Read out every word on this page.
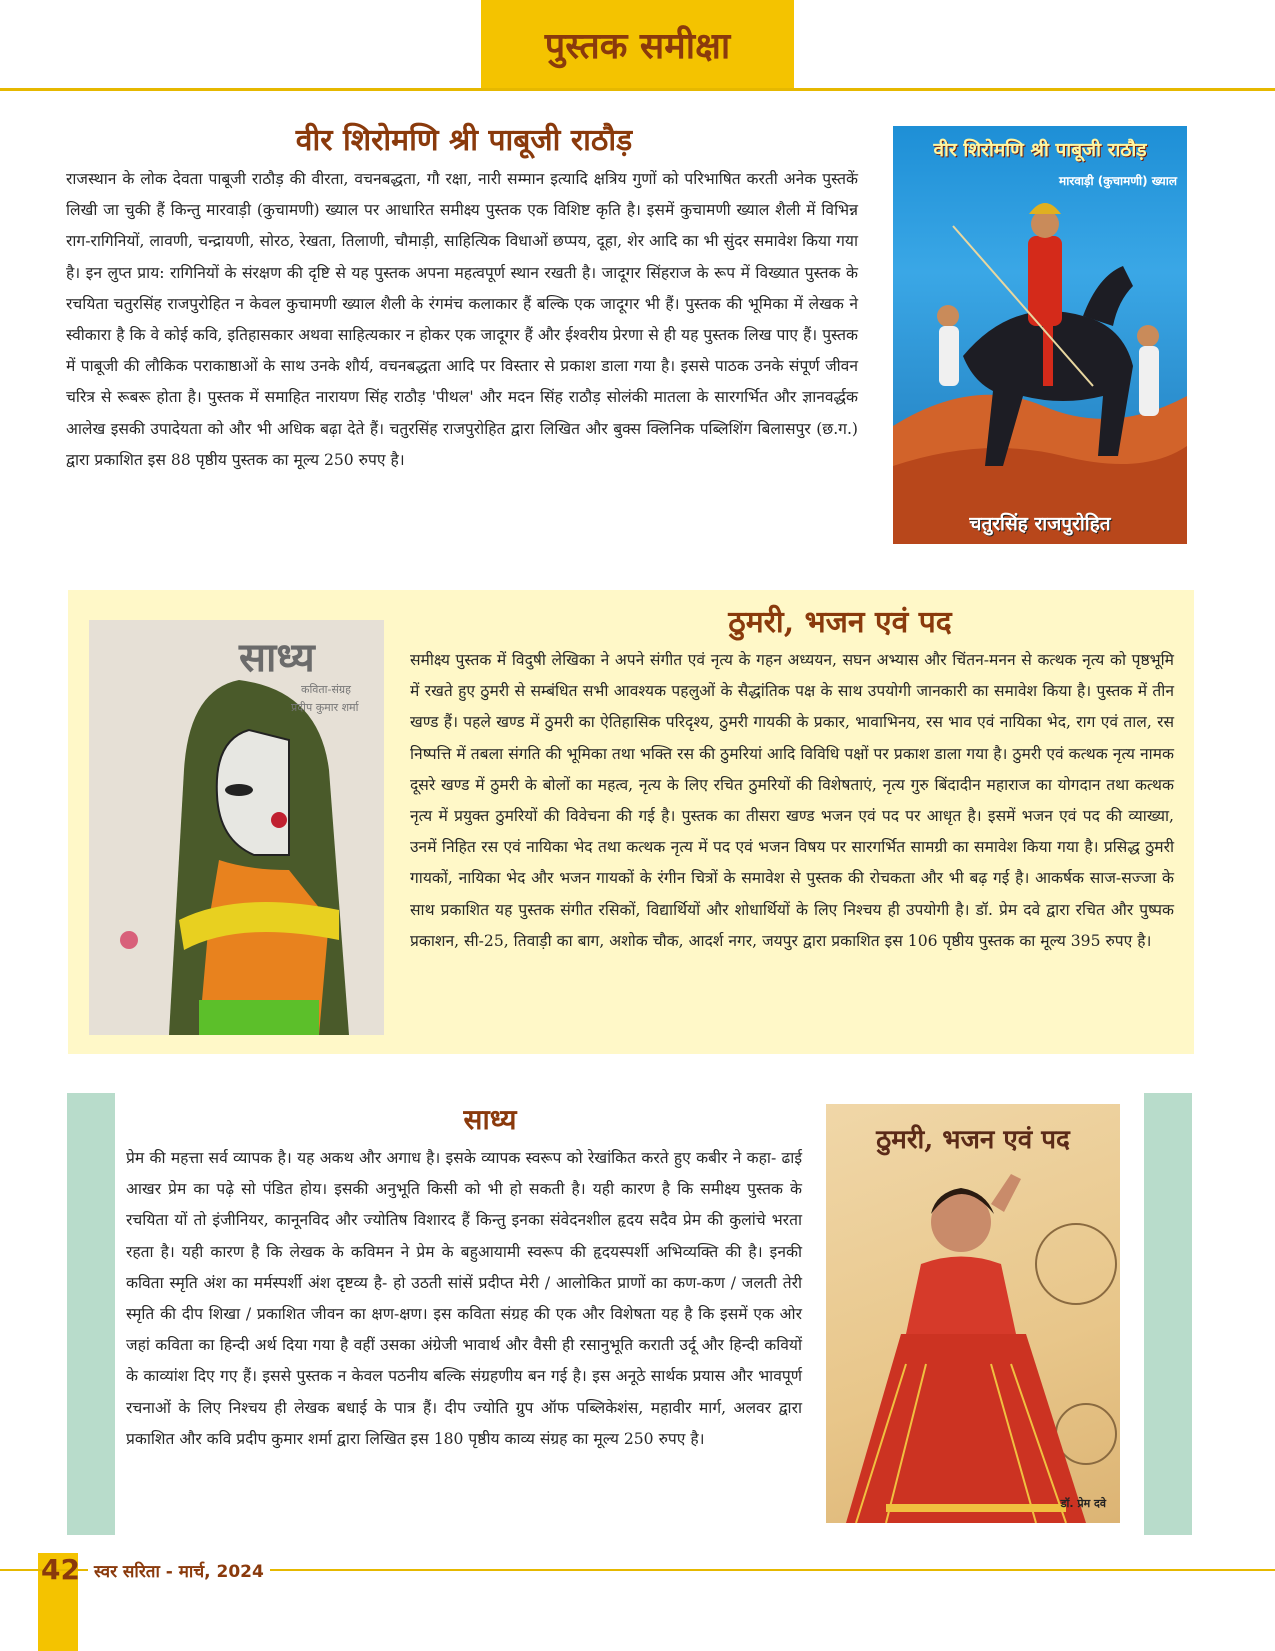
पुस्तक समीक्षा
वीर शिरोमणि श्री पाबूजी राठौड़

राजस्थान के लोक देवता पाबूजी राठौड़ की वीरता, वचनबद्धता, गौ रक्षा, नारी सम्मान इत्यादि क्षत्रिय गुणों को परिभाषित करती अनेक पुस्तकें लिखी जा चुकी हैं किन्तु मारवाड़ी (कुचामणी) ख्याल पर आधारित समीक्ष्य पुस्तक एक विशिष्ट कृति है। इसमें कुचामणी ख्याल शैली में विभिन्न राग-रागिनियों, लावणी, चन्द्रायणी, सोरठ, रेखता, तिलाणी, चौमाड़ी, साहित्यिक विधाओं छप्पय, दूहा, शेर आदि का भी सुंदर समावेश किया गया है। इन लुप्त प्राय: रागिनियों के संरक्षण की दृष्टि से यह पुस्तक अपना महत्वपूर्ण स्थान रखती है। जादूगर सिंहराज के रूप में विख्यात पुस्तक के रचयिता चतुरसिंह राजपुरोहित न केवल कुचामणी ख्याल शैली के रंगमंच कलाकार हैं बल्कि एक जादूगर भी हैं। पुस्तक की भूमिका में लेखक ने स्वीकारा है कि वे कोई कवि, इतिहासकार अथवा साहित्यकार न होकर एक जादूगर हैं और ईश्वरीय प्रेरणा से ही यह पुस्तक लिख पाए हैं। पुस्तक में पाबूजी की लौकिक पराकाष्ठाओं के साथ उनके शौर्य, वचनबद्धता आदि पर विस्तार से प्रकाश डाला गया है। इससे पाठक उनके संपूर्ण जीवन चरित्र से रूबरू होता है। पुस्तक में समाहित नारायण सिंह राठौड़ 'पीथल' और मदन सिंह राठौड़ सोलंकी मातला के सारगर्भित और ज्ञानवर्द्धक आलेख इसकी उपादेयता को और भी अधिक बढ़ा देते हैं। चतुरसिंह राजपुरोहित द्वारा लिखित और बुक्स क्लिनिक पब्लिशिंग बिलासपुर (छ.ग.) द्वारा प्रकाशित इस 88 पृष्ठीय पुस्तक का मूल्य 250 रुपए है।

वीर शिरोमणि श्री पाबूजी राठौड़
मारवाड़ी (कुचामणी) ख्याल
चतुरसिंह राजपुरोहित
साध्य
कविता-संग्रह
प्रदीप कुमार शर्मा
ठुमरी, भजन एवं पद

समीक्ष्य पुस्तक में विदुषी लेखिका ने अपने संगीत एवं नृत्य के गहन अध्ययन, सघन अभ्यास और चिंतन-मनन से कत्थक नृत्य को पृष्ठभूमि में रखते हुए ठुमरी से सम्बंधित सभी आवश्यक पहलुओं के सैद्धांतिक पक्ष के साथ उपयोगी जानकारी का समावेश किया है। पुस्तक में तीन खण्ड हैं। पहले खण्ड में ठुमरी का ऐतिहासिक परिदृश्य, ठुमरी गायकी के प्रकार, भावाभिनय, रस भाव एवं नायिका भेद, राग एवं ताल, रस निष्पत्ति में तबला संगति की भूमिका तथा भक्ति रस की ठुमरियां आदि विविधि पक्षों पर प्रकाश डाला गया है। ठुमरी एवं कत्थक नृत्य नामक दूसरे खण्ड में ठुमरी के बोलों का महत्व, नृत्य के लिए रचित ठुमरियों की विशेषताएं, नृत्य गुरु बिंदादीन महाराज का योगदान तथा कत्थक नृत्य में प्रयुक्त ठुमरियों की विवेचना की गई है। पुस्तक का तीसरा खण्ड भजन एवं पद पर आधृत है। इसमें भजन एवं पद की व्याख्या, उनमें निहित रस एवं नायिका भेद तथा कत्थक नृत्य में पद एवं भजन विषय पर सारगर्भित सामग्री का समावेश किया गया है। प्रसिद्ध ठुमरी गायकों, नायिका भेद और भजन गायकों के रंगीन चित्रों के समावेश से पुस्तक की रोचकता और भी बढ़ गई है। आकर्षक साज-सज्जा के साथ प्रकाशित यह पुस्तक संगीत रसिकों, विद्यार्थियों और शोधार्थियों के लिए निश्चय ही उपयोगी है। डॉ. प्रेम दवे द्वारा रचित और पुष्पक प्रकाशन, सी-25, तिवाड़ी का बाग, अशोक चौक, आदर्श नगर, जयपुर द्वारा प्रकाशित इस 106 पृष्ठीय पुस्तक का मूल्य 395 रुपए है।

साध्य

प्रेम की महत्ता सर्व व्यापक है। यह अकथ और अगाध है। इसके व्यापक स्वरूप को रेखांकित करते हुए कबीर ने कहा- ढाई आखर प्रेम का पढ़े सो पंडित होय। इसकी अनुभूति किसी को भी हो सकती है। यही कारण है कि समीक्ष्य पुस्तक के रचयिता यों तो इंजीनियर, कानूनविद और ज्योतिष विशारद हैं किन्तु इनका संवेदनशील हृदय सदैव प्रेम की कुलांचे भरता रहता है। यही कारण है कि लेखक के कविमन ने प्रेम के बहुआयामी स्वरूप की हृदयस्पर्शी अभिव्यक्ति की है। इनकी कविता स्मृति अंश का मर्मस्पर्शी अंश दृष्टव्य है- हो उठती सांसें प्रदीप्त मेरी / आलोकित प्राणों का कण-कण / जलती तेरी स्मृति की दीप शिखा / प्रकाशित जीवन का क्षण-क्षण। इस कविता संग्रह की एक और विशेषता यह है कि इसमें एक ओर जहां कविता का हिन्दी अर्थ दिया गया है वहीं उसका अंग्रेजी भावार्थ और वैसी ही रसानुभूति कराती उर्दू और हिन्दी कवियों के काव्यांश दिए गए हैं। इससे पुस्तक न केवल पठनीय बल्कि संग्रहणीय बन गई है। इस अनूठे सार्थक प्रयास और भावपूर्ण रचनाओं के लिए निश्चय ही लेखक बधाई के पात्र हैं। दीप ज्योति ग्रुप ऑफ पब्लिकेशंस, महावीर मार्ग, अलवर द्वारा प्रकाशित और कवि प्रदीप कुमार शर्मा द्वारा लिखित इस 180 पृष्ठीय काव्य संग्रह का मूल्य 250 रुपए है।

ठुमरी, भजन एवं पद
डॉ. प्रेम दवे
42 स्वर सरिता - मार्च, 2024
